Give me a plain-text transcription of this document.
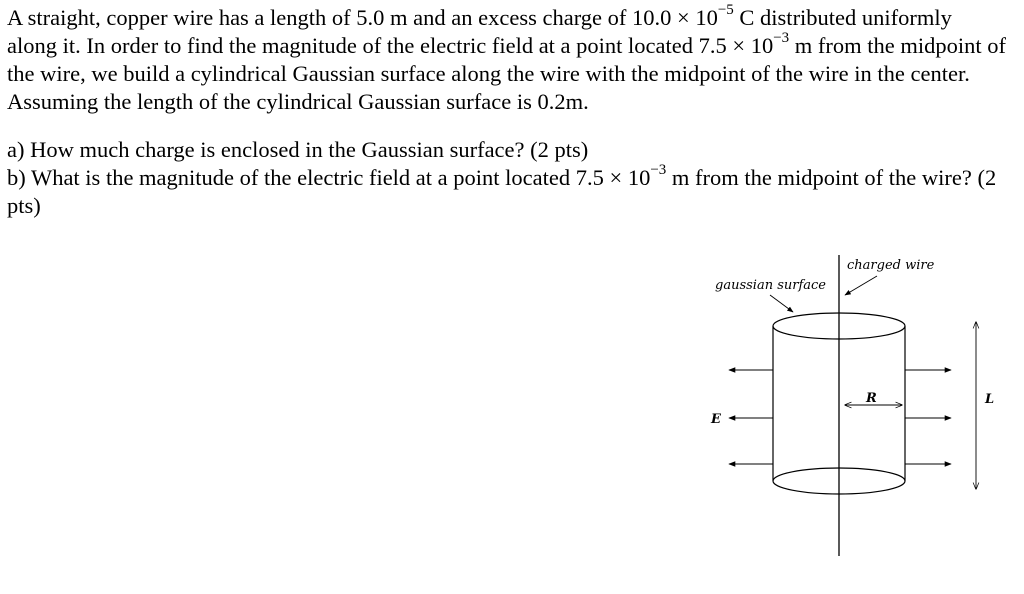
A straight, copper wire has a length of 5.0 m and an excess charge of $10.0 \times 10^{-5}$ C distributed uniformly along it. In order to find the magnitude of the electric field at a point located $7.5 \times 10^{-3}$ m from the midpoint of the wire, we build a cylindrical Gaussian surface along the wire with the midpoint of the wire in the center. Assuming the length of the cylindrical Gaussian surface is 0.2m.

a) How much charge is enclosed in the Gaussian surface? (2 pts)

b) What is the magnitude of the electric field at a point located $7.5 \times 10^{-3}$ m from the midpoint of the wire? (2 pts)

charged wire
gaussian surface
R	L
E
